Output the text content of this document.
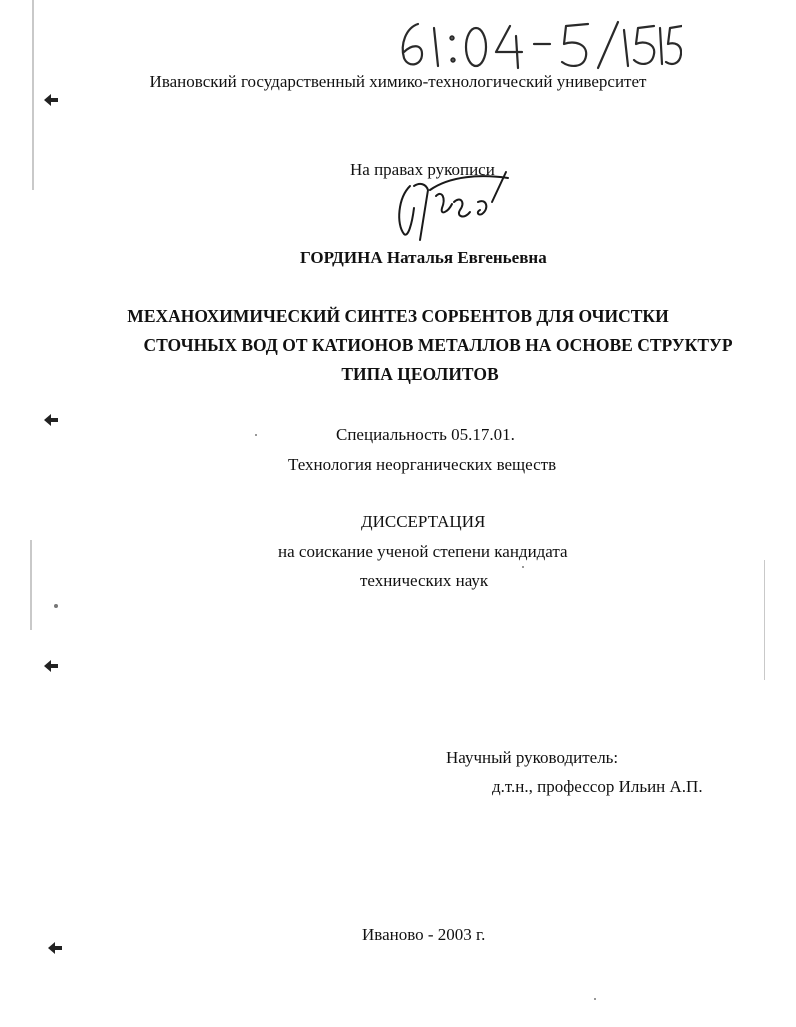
Ивановский государственный химико-технологический университет
На правах рукописи
ГОРДИНА Наталья Евгеньевна
МЕХАНОХИМИЧЕСКИЙ СИНТЕЗ СОРБЕНТОВ ДЛЯ ОЧИСТКИ
СТОЧНЫХ ВОД ОТ КАТИОНОВ МЕТАЛЛОВ НА ОСНОВЕ СТРУКТУР
ТИПА ЦЕОЛИТОВ
Специальность 05.17.01.
Технология неорганических веществ
ДИССЕРТАЦИЯ
на соискание ученой степени кандидата
технических наук
Научный руководитель:
д.т.н., профессор Ильин А.П.
Иваново - 2003 г.
